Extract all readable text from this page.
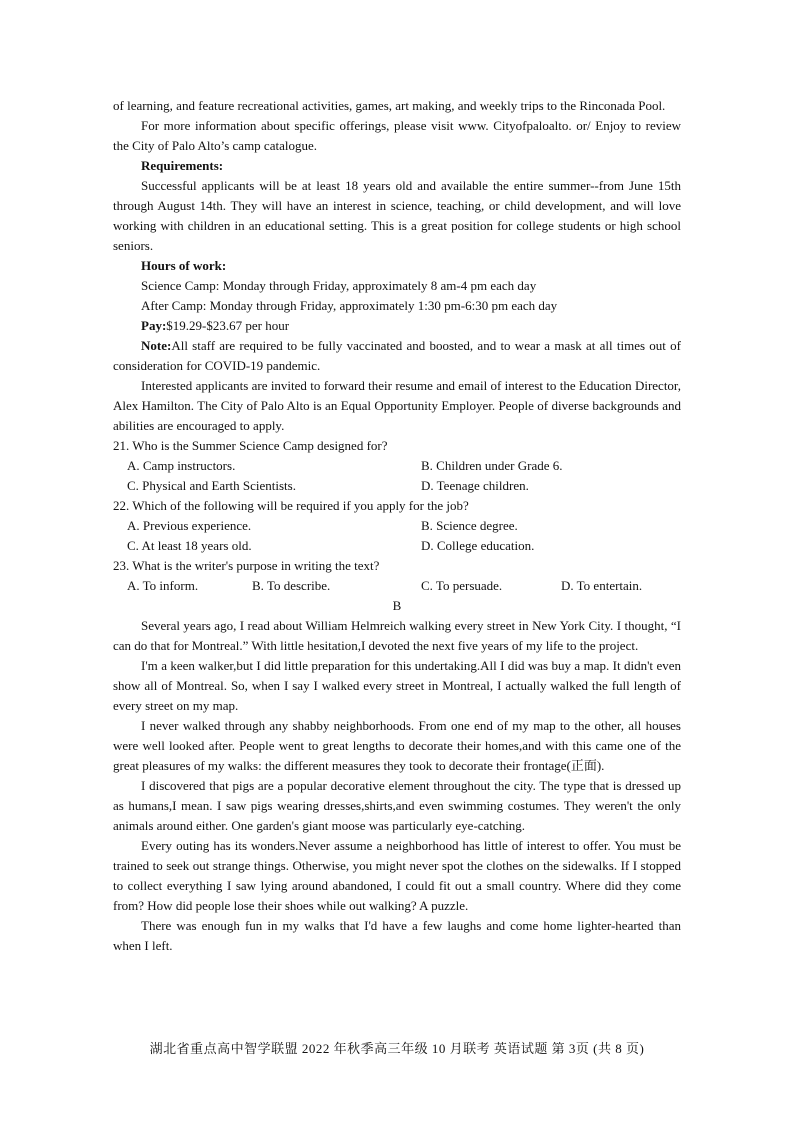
of learning, and feature recreational activities, games, art making, and weekly trips to the Rinconada Pool.

For more information about specific offerings, please visit www. Cityofpaloalto. or/ Enjoy to review the City of Palo Alto’s camp catalogue.

Requirements:

Successful applicants will be at least 18 years old and available the entire summer--from June 15th through August 14th. They will have an interest in science, teaching, or child development, and will love working with children in an educational setting. This is a great position for college students or high school seniors.

Hours of work:

Science Camp: Monday through Friday, approximately 8 am-4 pm each day

After Camp: Monday through Friday, approximately 1:30 pm-6:30 pm each day

Pay:$19.29-$23.67 per hour

Note:All staff are required to be fully vaccinated and boosted, and to wear a mask at all times out of consideration for COVID-19 pandemic.

Interested applicants are invited to forward their resume and email of interest to the Education Director, Alex Hamilton. The City of Palo Alto is an Equal Opportunity Employer. People of diverse backgrounds and abilities are encouraged to apply.

21. Who is the Summer Science Camp designed for?

A. Camp instructors.	B. Children under Grade 6.
C. Physical and Earth Scientists.	D. Teenage children.

22. Which of the following will be required if you apply for the job?

A. Previous experience.	B. Science degree.
C. At least 18 years old.	D. College education.

23. What is the writer's purpose in writing the text?

A. To inform.	B. To describe.	C. To persuade.	D. To entertain.

B

Several years ago, I read about William Helmreich walking every street in New York City. I thought, “I can do that for Montreal.” With little hesitation,I devoted the next five years of my life to the project.

I'm a keen walker,but I did little preparation for this undertaking.All I did was buy a map. It didn't even show all of Montreal. So, when I say I walked every street in Montreal, I actually walked the full length of every street on my map.

I never walked through any shabby neighborhoods. From one end of my map to the other, all houses were well looked after. People went to great lengths to decorate their homes,and with this came one of the great pleasures of my walks: the different measures they took to decorate their frontage(正面).

I discovered that pigs are a popular decorative element throughout the city. The type that is dressed up as humans,I mean. I saw pigs wearing dresses,shirts,and even swimming costumes. They weren't the only animals around either. One garden's giant moose was particularly eye-catching.

Every outing has its wonders.Never assume a neighborhood has little of interest to offer. You must be trained to seek out strange things. Otherwise, you might never spot the clothes on the sidewalks. If I stopped to collect everything I saw lying around abandoned, I could fit out a small country. Where did they come from? How did people lose their shoes while out walking? A puzzle.

There was enough fun in my walks that I'd have a few laughs and come home lighter-hearted than when I left.

湖北省重点高中智学联盟 2022 年秋季高三年级 10 月联考 英语试题 第 3页 (共 8 页)
